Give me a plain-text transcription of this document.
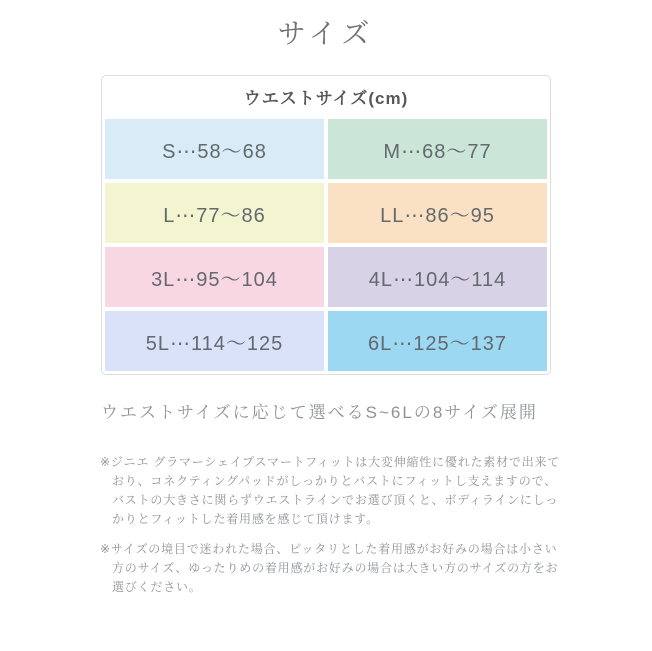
サイズ
ウエストサイズ(cm)
S⋯58〜68	M⋯68〜77
L⋯77〜86	LL⋯86〜95
3L⋯95〜104	4L⋯104〜114
5L⋯114〜125	6L⋯125〜137
ウエストサイズに応じて選べるS~6Lの8サイズ展開

※ジニエ グラマーシェイプスマートフィットは大変伸縮性に優れた素材で出来ており、コネクティングパッドがしっかりとバストにフィットし支えますので、バストの大きさに関らずウエストラインでお選び頂くと、ボディラインにしっかりとフィットした着用感を感じて頂けます。

※サイズの境目で迷われた場合、ピッタリとした着用感がお好みの場合は小さい方のサイズ、ゆったりめの着用感がお好みの場合は大きい方のサイズの方をお選びください。
